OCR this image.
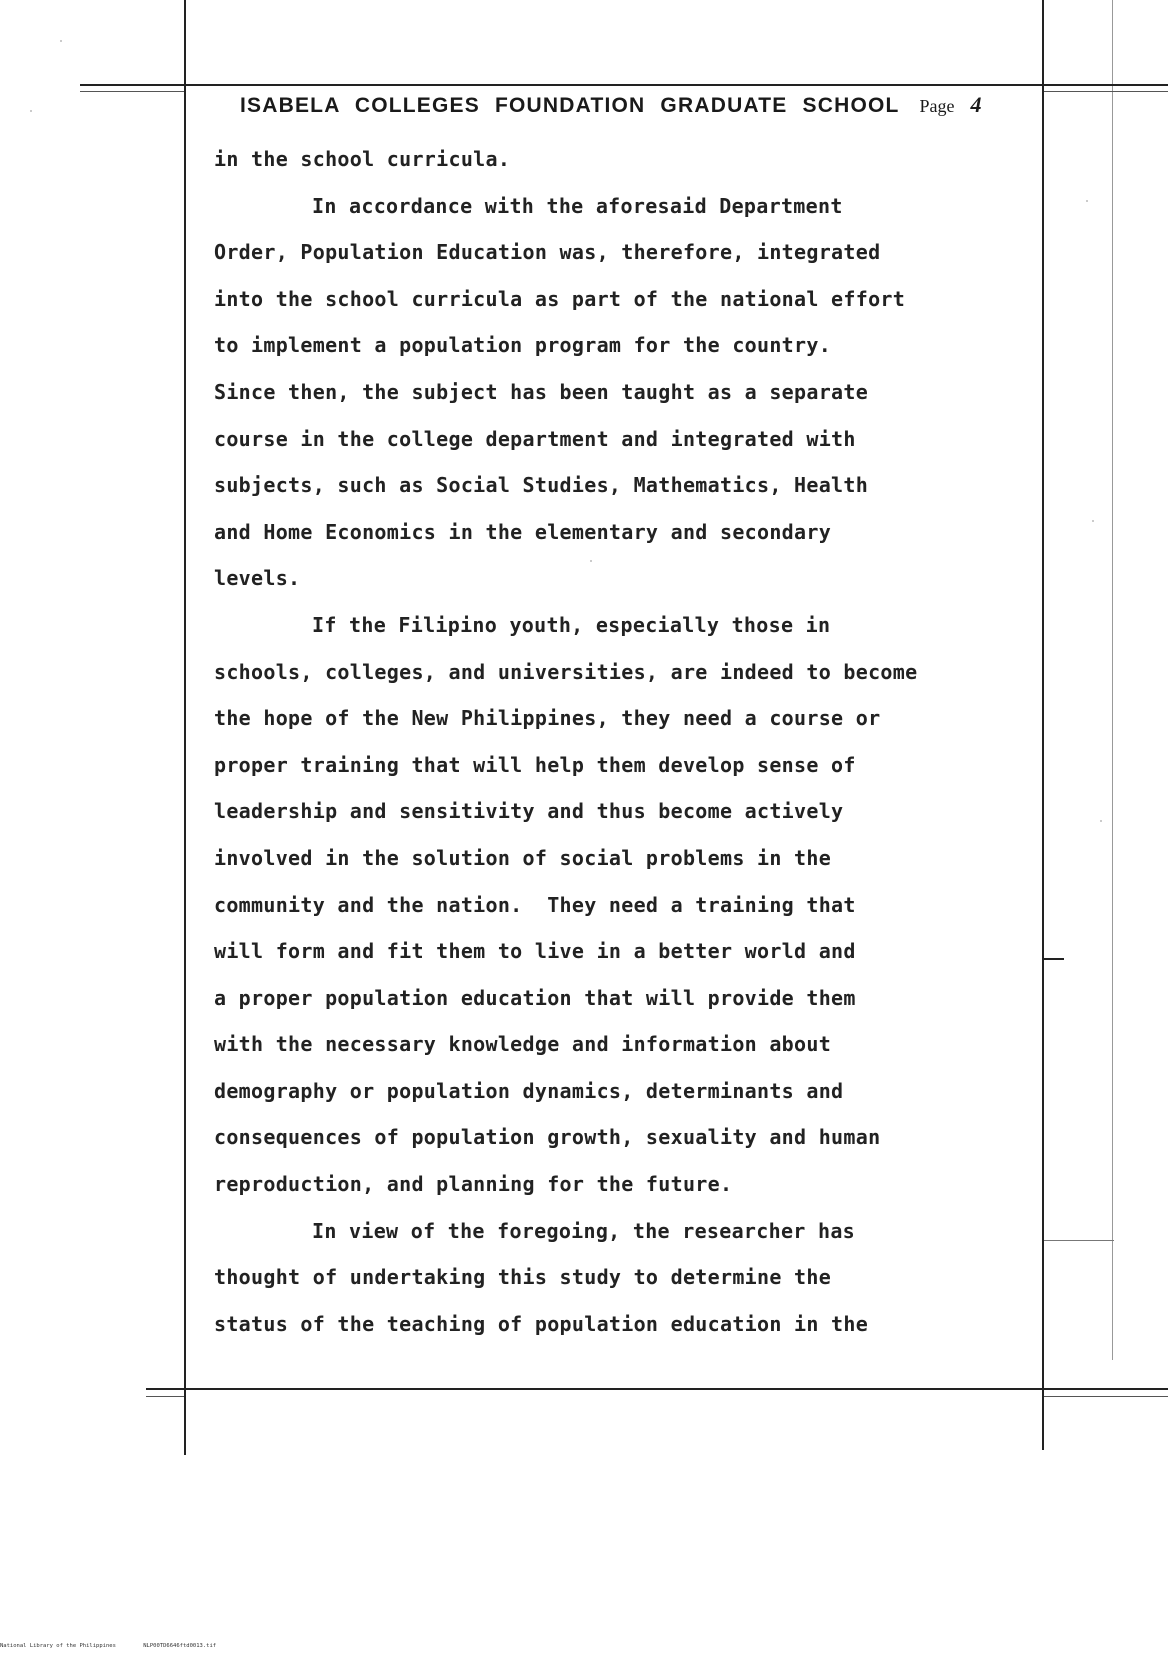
ISABELA COLLEGES FOUNDATION GRADUATE SCHOOL Page 4
in the school curricula.
In accordance with the aforesaid Department
Order, Population Education was, therefore, integrated
into the school curricula as part of the national effort
to implement a population program for the country.
Since then, the subject has been taught as a separate
course in the college department and integrated with
subjects, such as Social Studies, Mathematics, Health
and Home Economics in the elementary and secondary
levels.
If the Filipino youth, especially those in
schools, colleges, and universities, are indeed to become
the hope of the New Philippines, they need a course or
proper training that will help them develop sense of
leadership and sensitivity and thus become actively
involved in the solution of social problems in the
community and the nation.  They need a training that
will form and fit them to live in a better world and
a proper population education that will provide them
with the necessary knowledge and information about
demography or population dynamics, determinants and
consequences of population growth, sexuality and human
reproduction, and planning for the future.
In view of the foregoing, the researcher has
thought of undertaking this study to determine the
status of the teaching of population education in the
National Library of the Philippines	NLP00TD6646ftd0013.tif
